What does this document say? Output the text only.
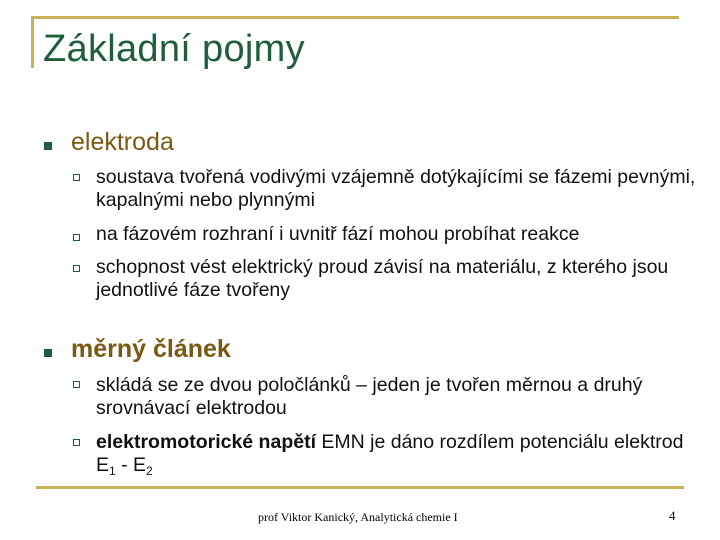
Základní pojmy
elektroda
soustava tvořená vodivými vzájemně dotýkajícími se fázemi pevnými, kapalnými nebo plynnými
na fázovém rozhraní i uvnitř fází mohou probíhat reakce
schopnost vést elektrický proud závisí na materiálu, z kterého jsou jednotlivé fáze tvořeny
měrný článek
skládá se ze dvou poločlánků – jeden je tvořen měrnou a druhý srovnávací elektrodou
elektromotorické napětí EMN je dáno rozdílem potenciálu elektrod $E_1 - E_2$
prof Viktor Kanický, Analytická chemie I	4
